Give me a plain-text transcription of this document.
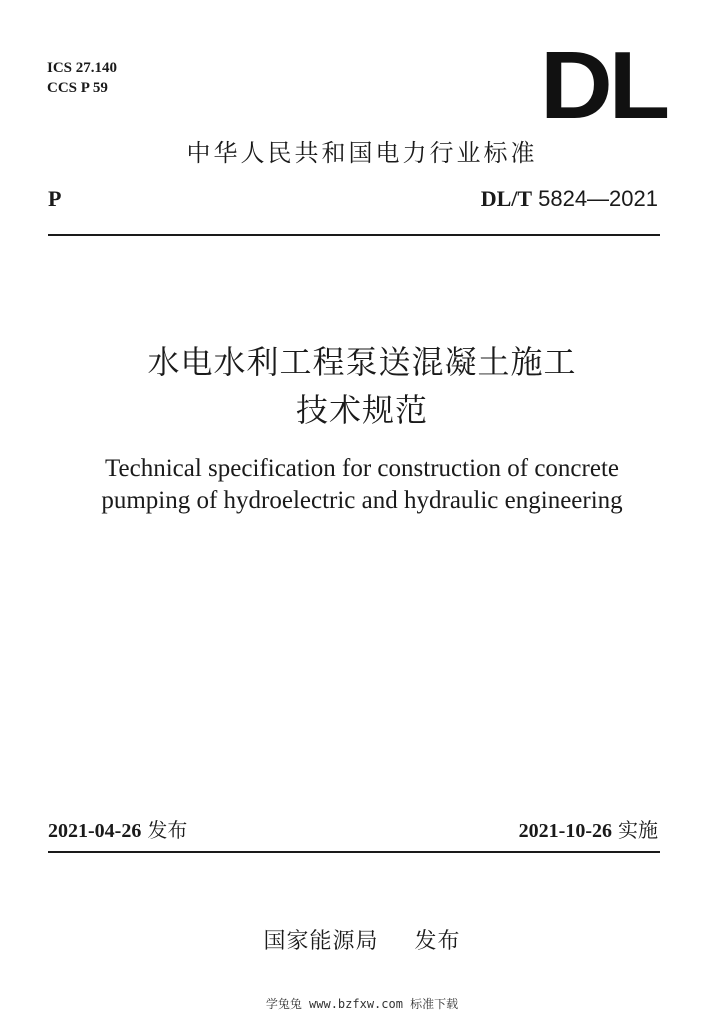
ICS 27.140
CCS P 59	DL
中华人民共和国电力行业标准
P	DL/T 5824—2021
水电水利工程泵送混凝土施工
技术规范
Technical specification for construction of concrete
pumping of hydroelectric and hydraulic engineering
2021-04-26 发布	2021-10-26 实施
国家能源局 发布
学兔兔 www.bzfxw.com 标准下载
